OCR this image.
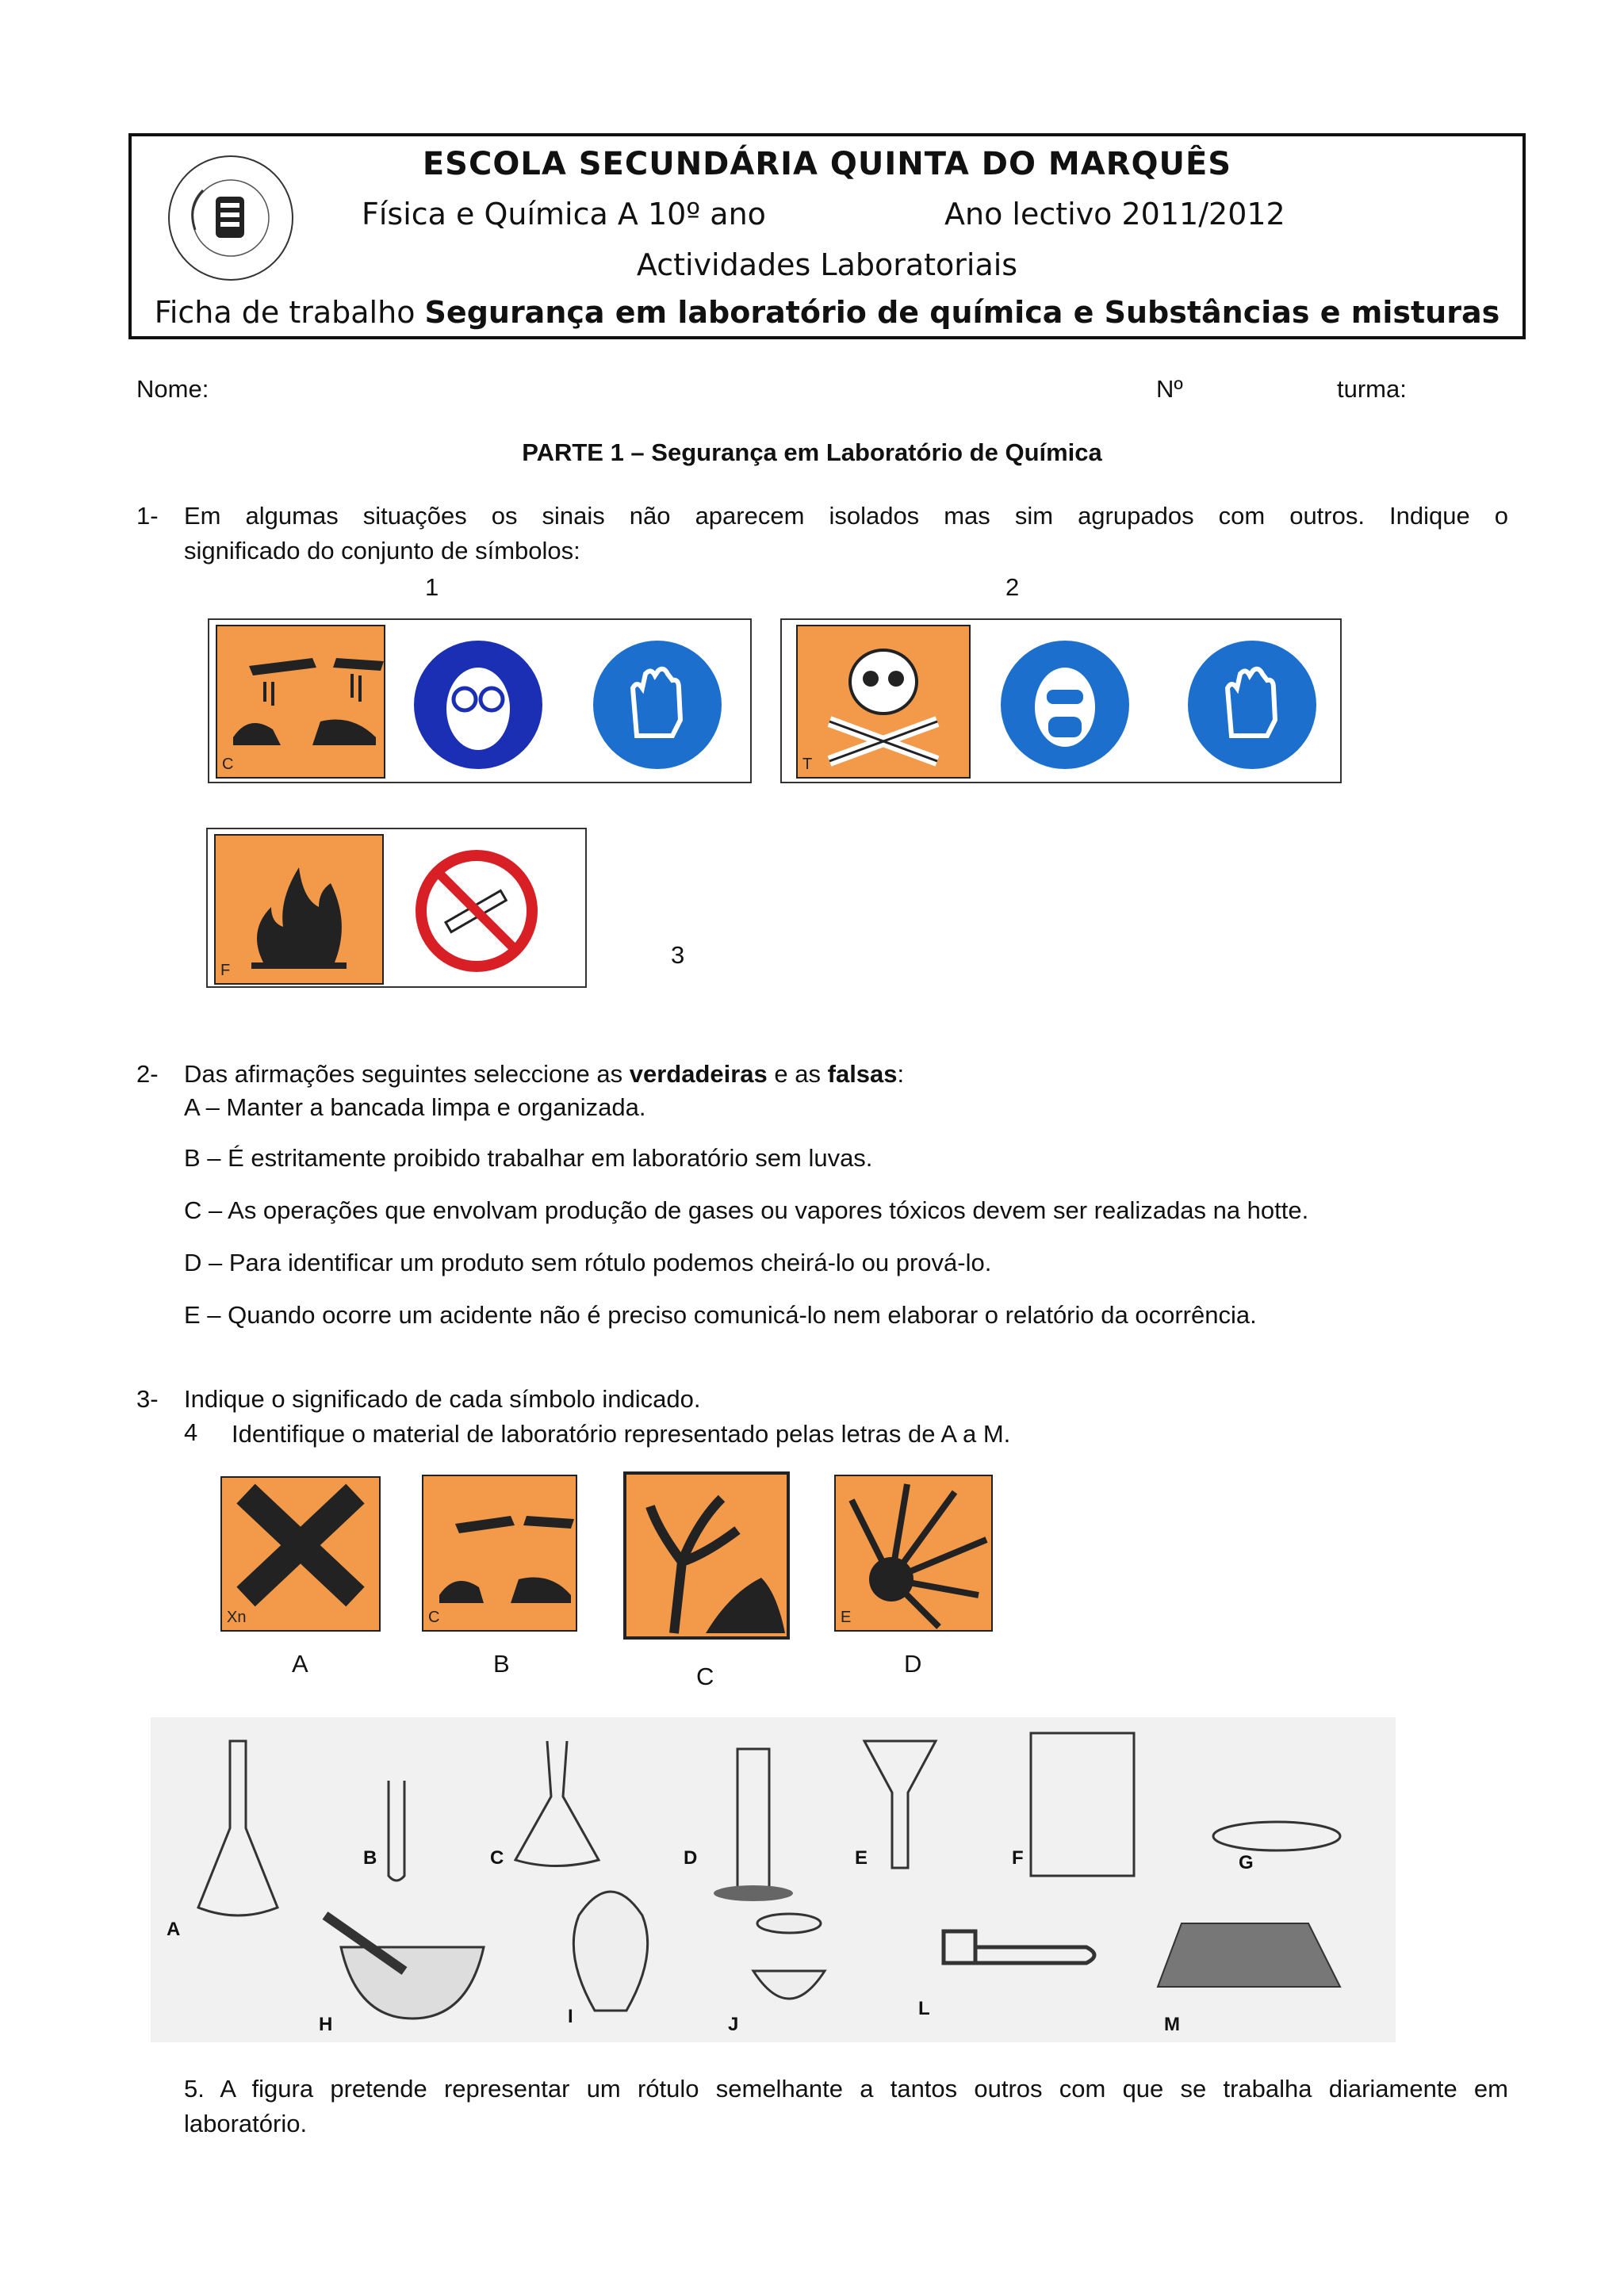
ESCOLA SECUNDÁRIA QUINTA DO MARQUÊS
Física e Química A 10º ano	Ano lectivo 2011/2012
Actividades Laboratoriais
Ficha de trabalho Segurança em laboratório de química e Substâncias e misturas
Nome:	Nº	turma:
PARTE 1 – Segurança em Laboratório de Química
1- Em algumas situações os sinais não aparecem isolados mas sim agrupados com outros. Indique o
significado do conjunto de símbolos:
1	2
C	T
F
3
2- Das afirmações seguintes seleccione as verdadeiras e as falsas:
A – Manter a bancada limpa e organizada.
B – É estritamente proibido trabalhar em laboratório sem luvas.
C – As operações que envolvam produção de gases ou vapores tóxicos devem ser realizadas na hotte.
D – Para identificar um produto sem rótulo podemos cheirá-lo ou prová-lo.
E – Quando ocorre um acidente não é preciso comunicá-lo nem elaborar o relatório da ocorrência.
3- Indique o significado de cada símbolo indicado.
4 Identifique o material de laboratório representado pelas letras de A a M.
Xn	C	E
A	B	C	D
A
B	C	D	E	F	G
H	I	J
L
M
5. A figura pretende representar um rótulo semelhante a tantos outros com que se trabalha diariamente em
laboratório.
